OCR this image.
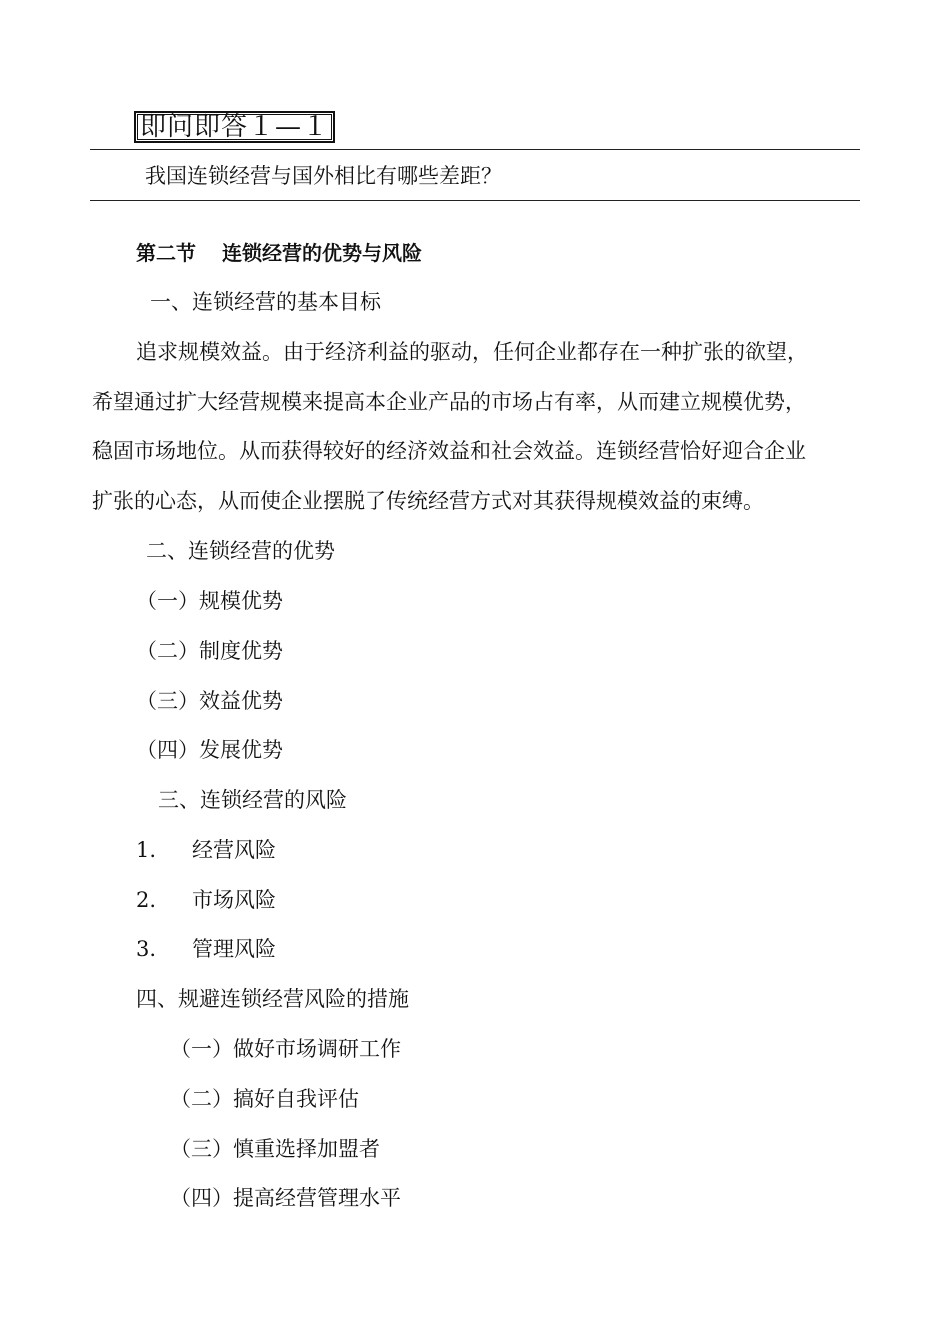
即问即答１—１
我国连锁经营与国外相比有哪些差距？
第二节 连锁经营的优势与风险
一、连锁经营的基本目标
追求规模效益。由于经济利益的驱动，任何企业都存在一种扩张的欲望，
希望通过扩大经营规模来提高本企业产品的市场占有率，从而建立规模优势，
稳固市场地位。从而获得较好的经济效益和社会效益。连锁经营恰好迎合企业
扩张的心态，从而使企业摆脱了传统经营方式对其获得规模效益的束缚。
二、连锁经营的优势
（一）规模优势
（二）制度优势
（三）效益优势
（四）发展优势
三、连锁经营的风险
1. 经营风险
2. 市场风险
3. 管理风险
四、规避连锁经营风险的措施
（一）做好市场调研工作
（二）搞好自我评估
（三）慎重选择加盟者
（四）提高经营管理水平
